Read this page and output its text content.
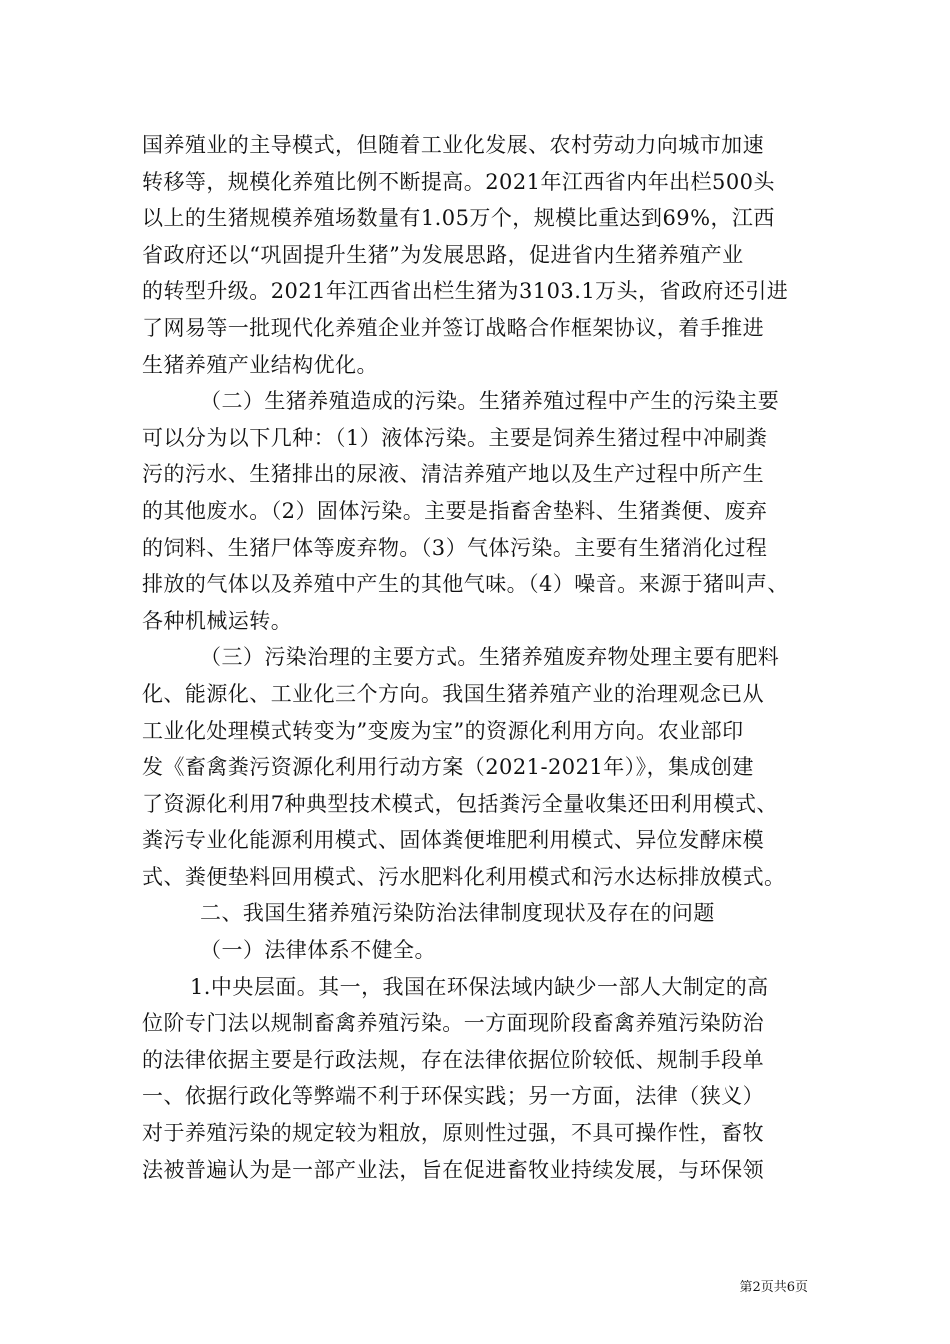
国养殖业的主导模式，但随着工业化发展、农村劳动力向城市加速
转移等，规模化养殖比例不断提高。2021年江西省内年出栏500头
以上的生猪规模养殖场数量有1.05万个，规模比重达到69%，江西
省政府还以“巩固提升生猪”为发展思路，促进省内生猪养殖产业
的转型升级。2021年江西省出栏生猪为3103.1万头，省政府还引进
了网易等一批现代化养殖企业并签订战略合作框架协议，着手推进
生猪养殖产业结构优化。
（二）生猪养殖造成的污染。生猪养殖过程中产生的污染主要
可以分为以下几种：（1）液体污染。主要是饲养生猪过程中冲刷粪
污的污水、生猪排出的尿液、清洁养殖产地以及生产过程中所产生
的其他废水。（2）固体污染。主要是指畜舍垫料、生猪粪便、废弃
的饲料、生猪尸体等废弃物。（3）气体污染。主要有生猪消化过程
排放的气体以及养殖中产生的其他气味。（4）噪音。来源于猪叫声、
各种机械运转。
（三）污染治理的主要方式。生猪养殖废弃物处理主要有肥料
化、能源化、工业化三个方向。我国生猪养殖产业的治理观念已从
工业化处理模式转变为”变废为宝”的资源化利用方向。农业部印
发《畜禽粪污资源化利用行动方案（2021-2021年）》，集成创建
了资源化利用7种典型技术模式，包括粪污全量收集还田利用模式、
粪污专业化能源利用模式、固体粪便堆肥利用模式、异位发酵床模
式、粪便垫料回用模式、污水肥料化利用模式和污水达标排放模式。
二、我国生猪养殖污染防治法律制度现状及存在的问题
（一）法律体系不健全。
1.中央层面。其一，我国在环保法域内缺少一部人大制定的高
位阶专门法以规制畜禽养殖污染。一方面现阶段畜禽养殖污染防治
的法律依据主要是行政法规，存在法律依据位阶较低、规制手段单
一、依据行政化等弊端不利于环保实践；另一方面，法律（狭义）
对于养殖污染的规定较为粗放，原则性过强，不具可操作性，畜牧
法被普遍认为是一部产业法，旨在促进畜牧业持续发展，与环保领
第2页共6页
